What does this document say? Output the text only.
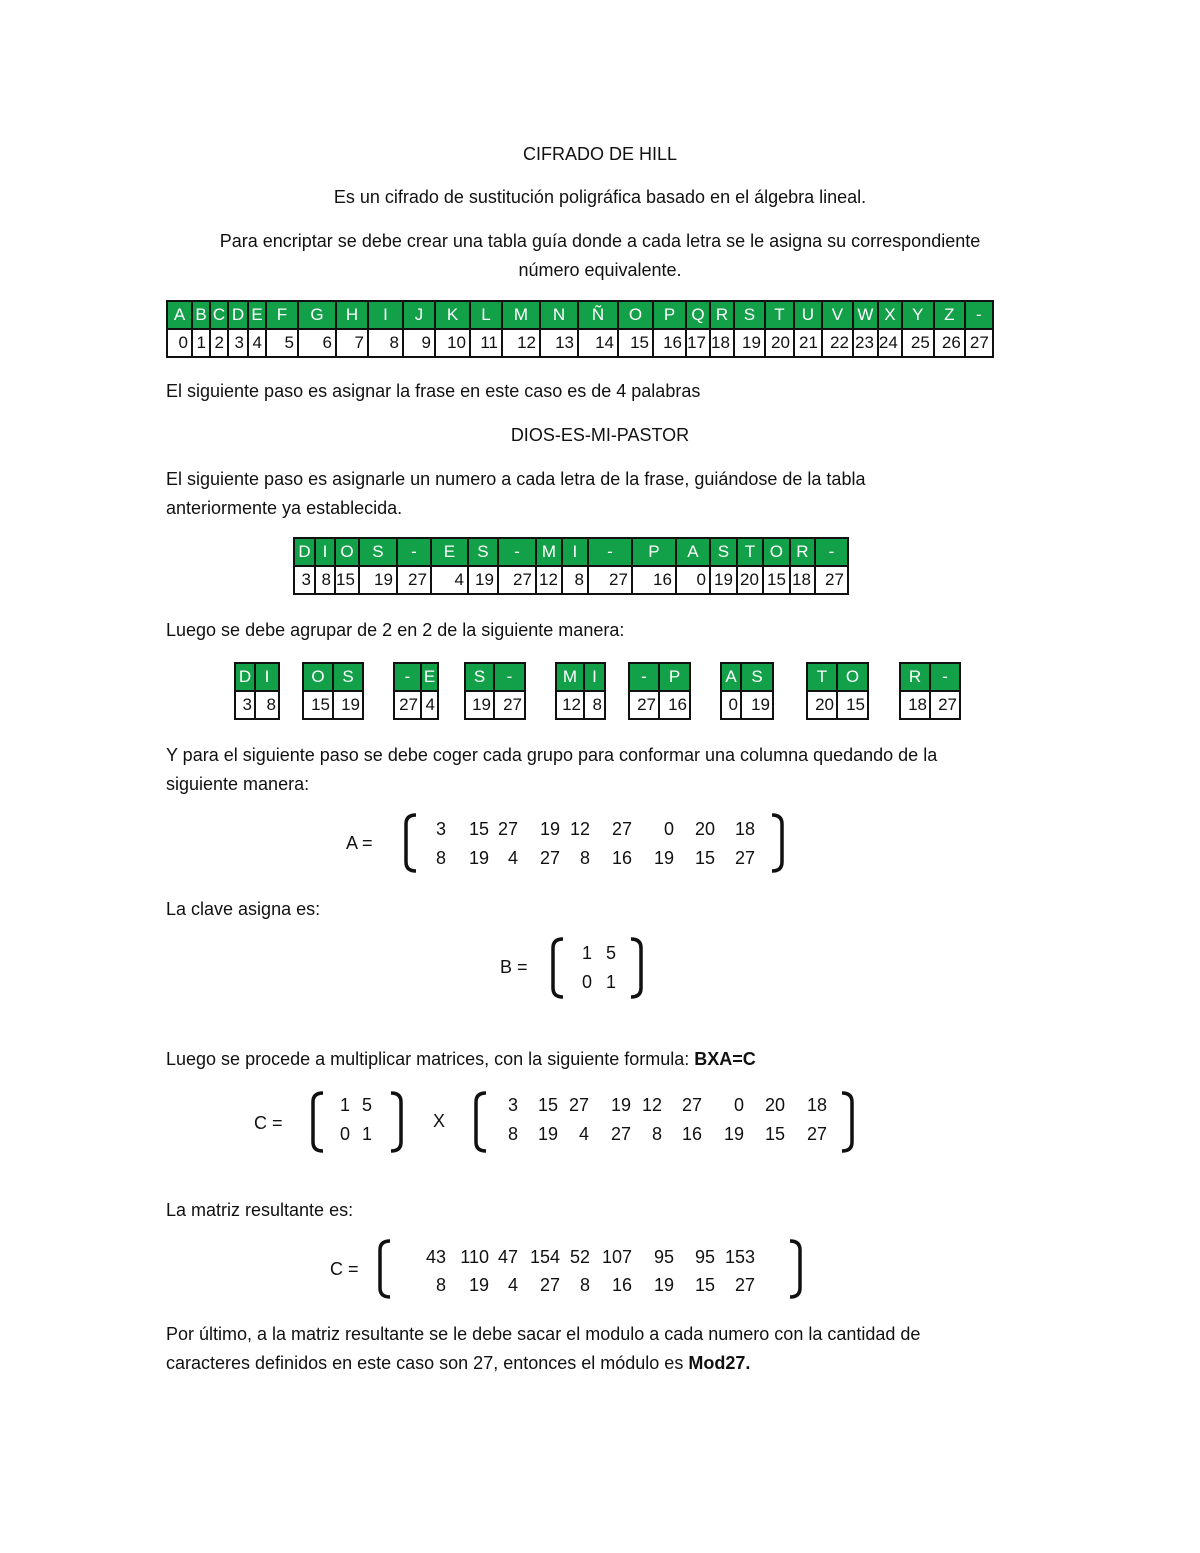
CIFRADO DE HILL
Es un cifrado de sustitución poligráfica basado en el álgebra lineal.
Para encriptar se debe crear una tabla guía donde a cada letra se le asigna su correspondiente
número equivalente.
A	B	C	D	E	F	G	H	I	J	K	L	M	N	Ñ	O	P	Q	R	S	T	U	V	W	X	Y	Z	-
0	1	2	3	4	5	6	7	8	9	10	11	12	13	14	15	16	17	18	19	20	21	22	23	24	25	26	27
El siguiente paso es asignar la frase en este caso es de 4 palabras
DIOS-ES-MI-PASTOR
El siguiente paso es asignarle un numero a cada letra de la frase, guiándose de la tabla
anteriormente ya establecida.
D	I	O	S	-	E	S	-	M	I	-	P	A	S	T	O	R	-
3	8	15	19	27	4	19	27	12	8	27	16	0	19	20	15	18	27
Luego se debe agrupar de 2 en 2 de la siguiente manera:
D	I
3	8
O	S
15	19
-	E
27	4
S	-
19	27
M	I
12	8
-	P
27	16
A	S
0	19
T	O
20	15
R	-
18	27
Y para el siguiente paso se debe coger cada grupo para conformar una columna quedando de la
siguiente manera:
A =
3	15 27	19 12	27	0	20	18
8	19	4	27	8	16	19	15	27
La clave asigna es:
B =
1 5
0 1
Luego se procede a multiplicar matrices, con la siguiente formula: BXA=C
C =
1 5
0 1
X
3	15 27	19 12	27	0	20	18
8	19	4	27	8	16	19	15	27
La matriz resultante es:
C =
43 110 47 154 52 107	95	95 153
8	19	4	27	8	16	19	15	27
Por último, a la matriz resultante se le debe sacar el modulo a cada numero con la cantidad de
caracteres definidos en este caso son 27, entonces el módulo es Mod27.
